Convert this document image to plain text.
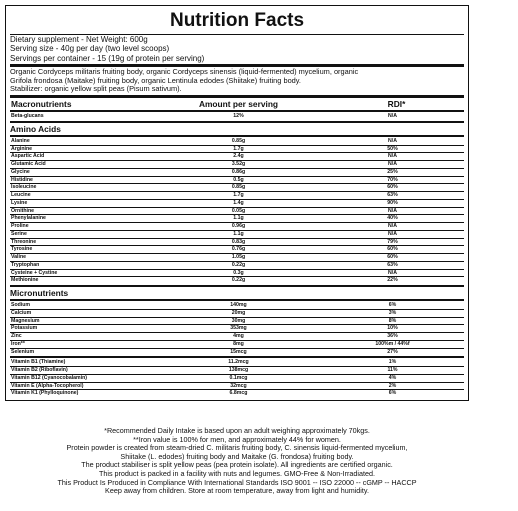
Nutrition Facts
Dietary supplement - Net Weight: 600g
Serving size - 40g per day (two level scoops)
Servings per container - 15 (19g of protein per serving)
Organic Cordyceps militaris fruiting body, organic Cordyceps sinensis (liquid-fermented) mycelium, organic
Grifola frondosa (Maitake) fruiting body, organic Lentinula edodes (Shiitake) fruiting body.
Stabilizer: organic yellow split peas (Pisum sativum).
Macronutrients	Amount per serving	RDI*
Beta-glucans	12%	N/A
Amino Acids
Alanine	0.85g	N/A
Arginine	1.7g	50%
Aspartic Acid	2.4g	N/A
Glutamic Acid	3.52g	N/A
Glycine	0.86g	25%
Histidine	0.5g	70%
Isoleucine	0.85g	60%
Leucine	1.7g	63%
Lysine	1.4g	90%
Ornithine	0.05g	N/A
Phenylalanine	1.1g	40%
Proline	0.96g	N/A
Serine	1.1g	N/A
Threonine	0.83g	79%
Tyrosine	0.76g	60%
Valine	1.05g	60%
Tryptophan	0.22g	63%
Cysteine + Cystine	0.3g	N/A
Methionine	0.22g	22%
Micronutrients
Sodium	140mg	6%
Calcium	20mg	3%
Magnesium	30mg	8%
Potassium	353mg	10%
Zinc	4mg	36%
Iron**	8mg	100%m / 44%f
Selenium	15mcg	27%
Vitamin B1 (Thiamine)	11.2mcg	1%
Vitamin B2 (Riboflavin)	138mcg	11%
Vitamin B12 (Cyanocobalamin)	0.1mcg	4%
Vitamin E (Alpha-Tocopherol)	32mcg	2%
Vitamin K1 (Phylloquinone)	6.8mcg	6%
*Recommended Daily Intake is based upon an adult weighing approximately 70kgs.
**Iron value is 100% for men, and approximately 44% for women.
Protein powder is created from steam-dried C. militaris fruiting body, C. sinensis liquid-fermented mycelium,
Shiitake (L. edodes) fruiting body and Maitake (G. frondosa) fruiting body.
The product stabiliser is split yellow peas (pea protein isolate). All ingredients are certified organic.
This product is packed in a facility with nuts and legumes. GMO-Free & Non-Irradiated.
This Product Is Produced in Compliance With International Standards ISO 9001 -- ISO 22000 -- cGMP -- HACCP
Keep away from children. Store at room temperature, away from light and humidity.
